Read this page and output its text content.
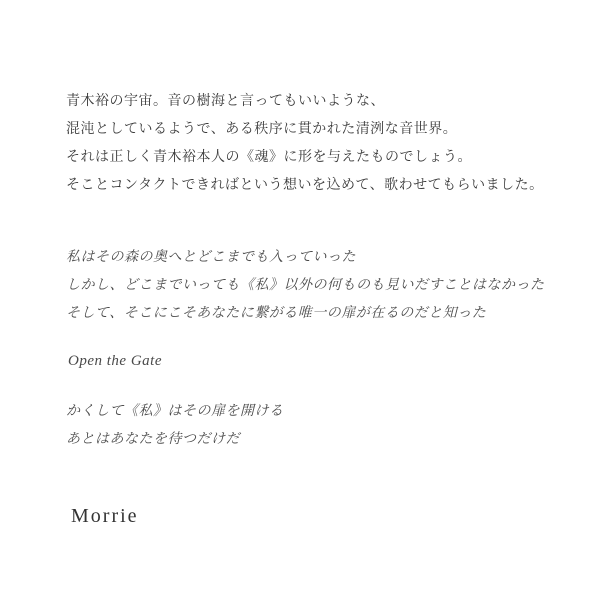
青木裕の宇宙。音の樹海と言ってもいいような、

混沌としているようで、ある秩序に貫かれた清洌な音世界。

それは正しく青木裕本人の《魂》に形を与えたものでしょう。

そことコンタクトできればという想いを込めて、歌わせてもらいました。

私はその森の奥へとどこまでも入っていった

しかし、どこまでいっても《私》以外の何ものも見いだすことはなかった

そして、そこにこそあなたに繋がる唯一の扉が在るのだと知った

Open the Gate

かくして《私》はその扉を開ける

あとはあなたを待つだけだ

Morrie
